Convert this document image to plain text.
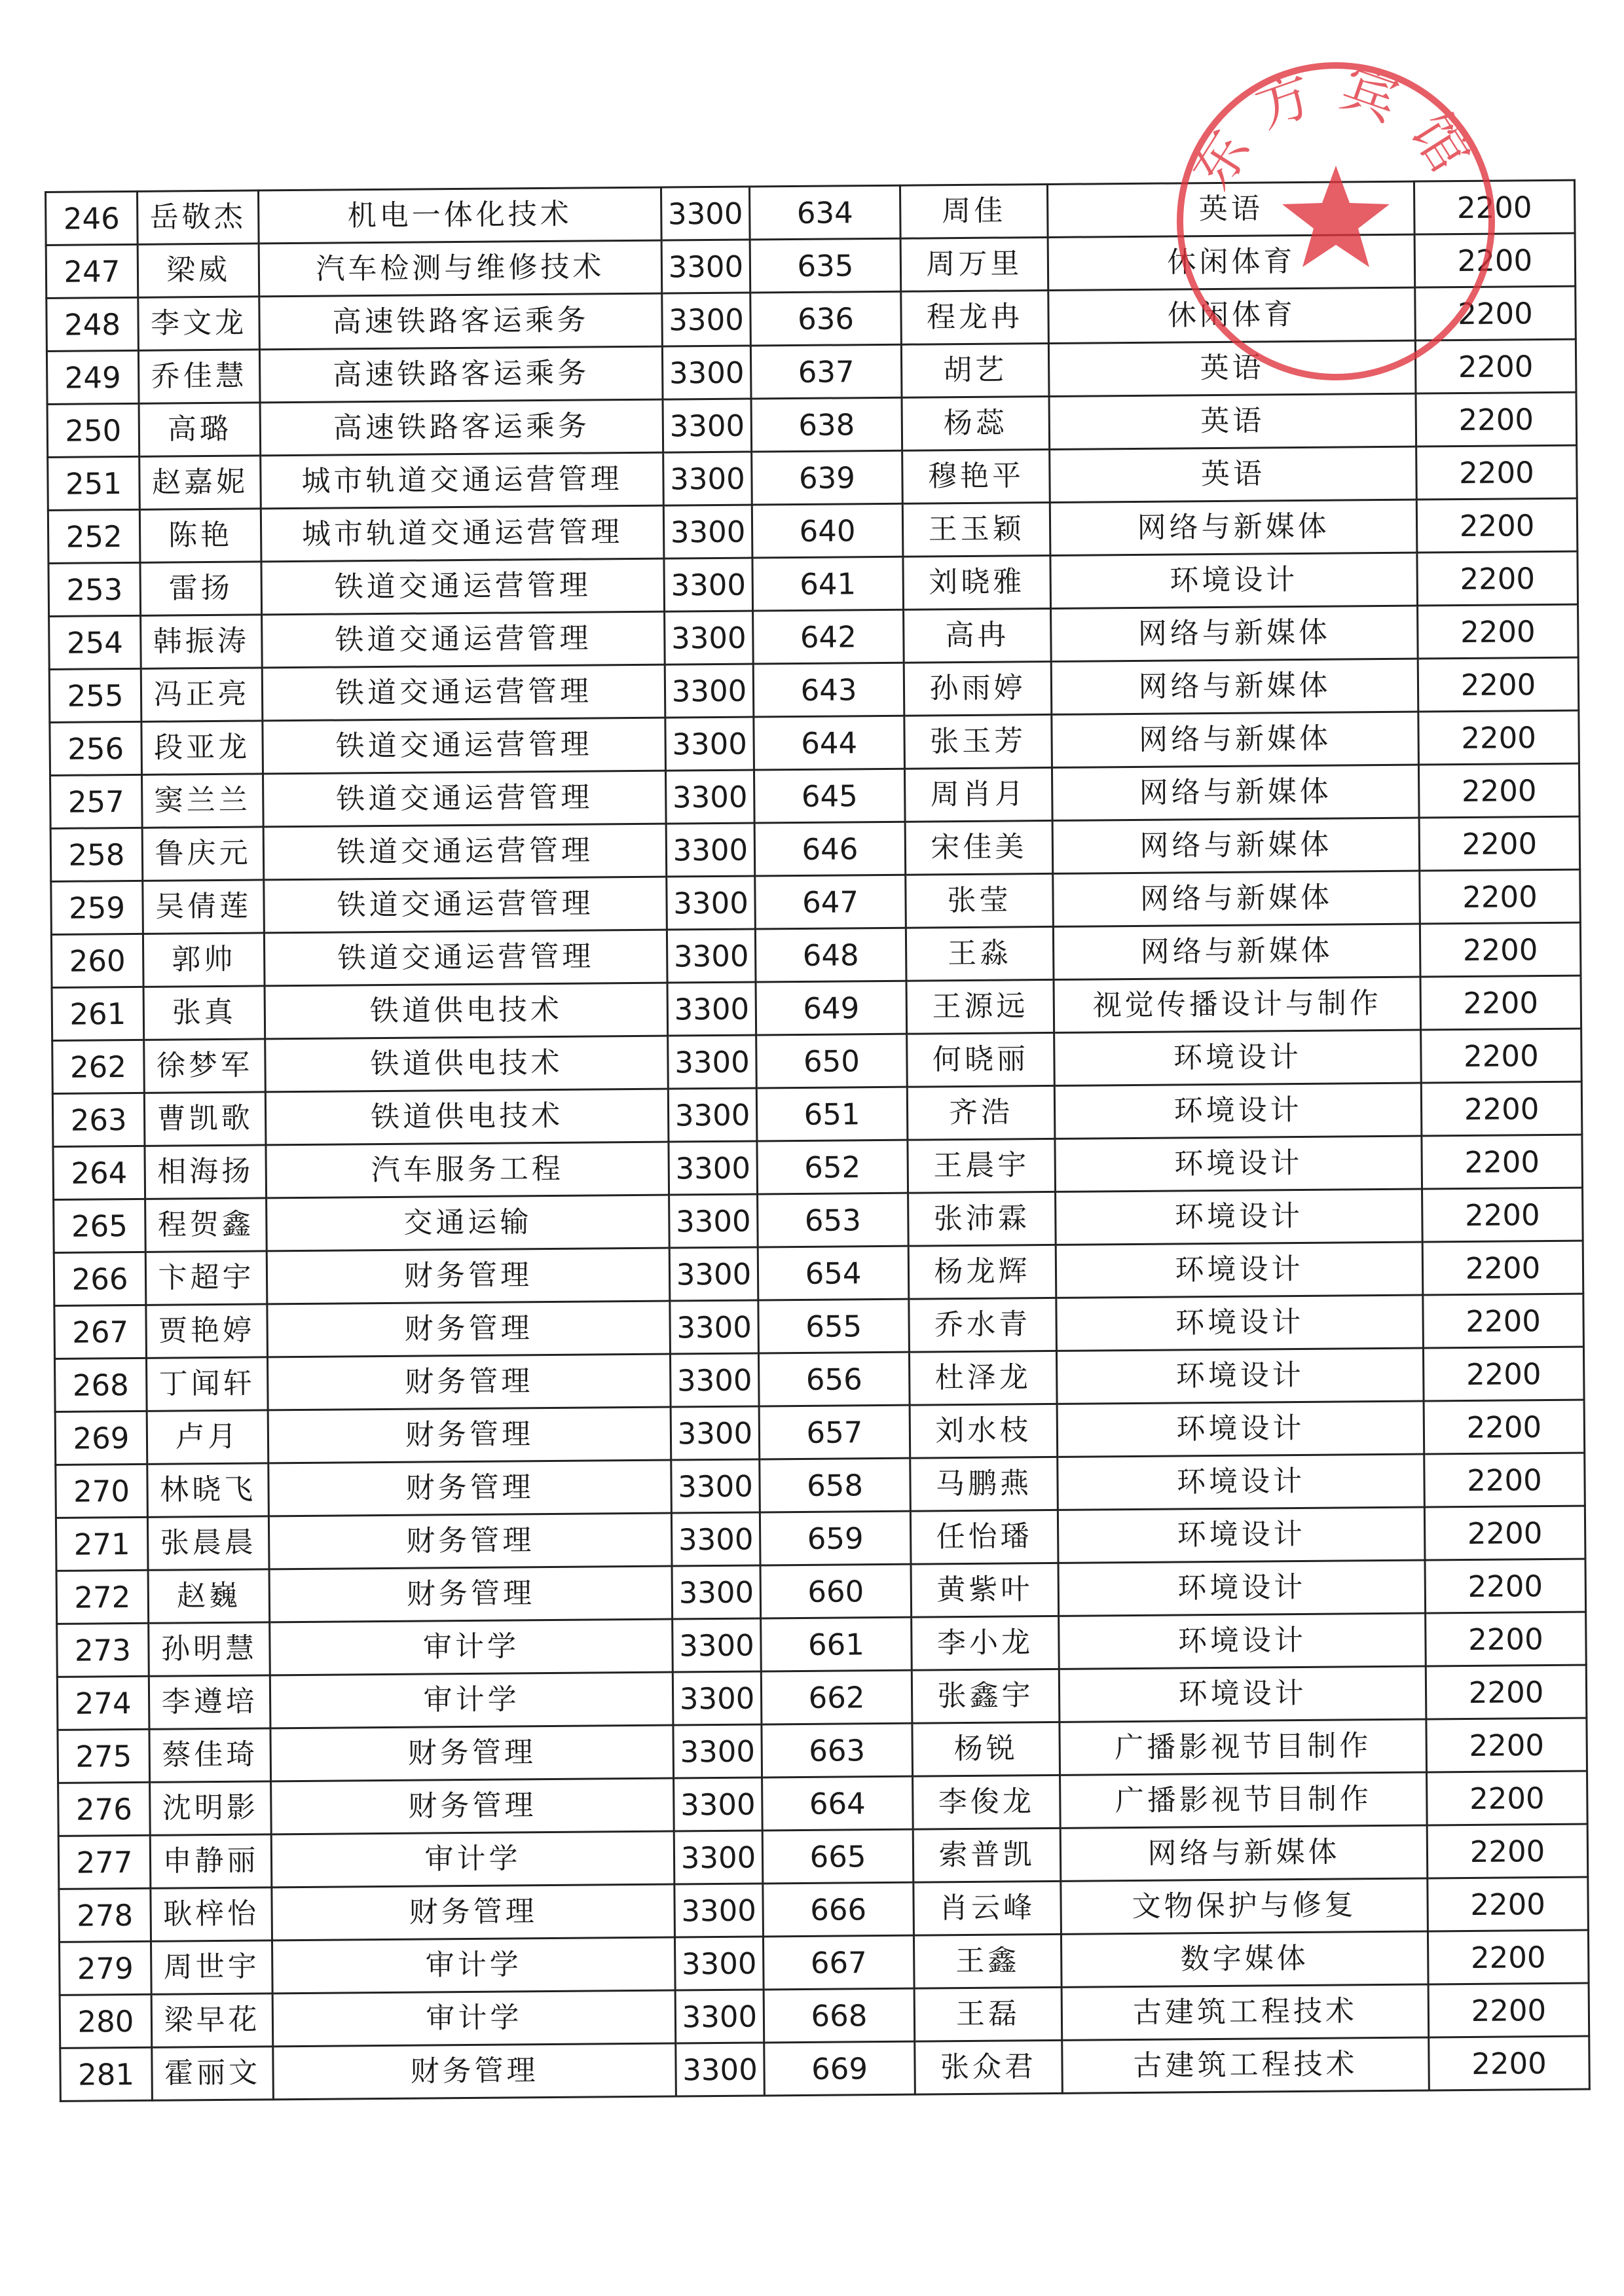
246	岳敬杰	机电一体化技术	3300	634	周佳	英语	2200
247	梁威	汽车检测与维修技术	3300	635	周万里	休闲体育	2200
248	李文龙	高速铁路客运乘务	3300	636	程龙冉	休闲体育	2200
249	乔佳慧	高速铁路客运乘务	3300	637	胡艺	英语	2200
250	高璐	高速铁路客运乘务	3300	638	杨蕊	英语	2200
251	赵嘉妮	城市轨道交通运营管理	3300	639	穆艳平	英语	2200
252	陈艳	城市轨道交通运营管理	3300	640	王玉颖	网络与新媒体	2200
253	雷扬	铁道交通运营管理	3300	641	刘晓雅	环境设计	2200
254	韩振涛	铁道交通运营管理	3300	642	高冉	网络与新媒体	2200
255	冯正亮	铁道交通运营管理	3300	643	孙雨婷	网络与新媒体	2200
256	段亚龙	铁道交通运营管理	3300	644	张玉芳	网络与新媒体	2200
257	窦兰兰	铁道交通运营管理	3300	645	周肖月	网络与新媒体	2200
258	鲁庆元	铁道交通运营管理	3300	646	宋佳美	网络与新媒体	2200
259	吴倩莲	铁道交通运营管理	3300	647	张莹	网络与新媒体	2200
260	郭帅	铁道交通运营管理	3300	648	王淼	网络与新媒体	2200
261	张真	铁道供电技术	3300	649	王源远	视觉传播设计与制作	2200
262	徐梦军	铁道供电技术	3300	650	何晓丽	环境设计	2200
263	曹凯歌	铁道供电技术	3300	651	齐浩	环境设计	2200
264	相海扬	汽车服务工程	3300	652	王晨宇	环境设计	2200
265	程贺鑫	交通运输	3300	653	张沛霖	环境设计	2200
266	卞超宇	财务管理	3300	654	杨龙辉	环境设计	2200
267	贾艳婷	财务管理	3300	655	乔水青	环境设计	2200
268	丁闻轩	财务管理	3300	656	杜泽龙	环境设计	2200
269	卢月	财务管理	3300	657	刘水枝	环境设计	2200
270	林晓飞	财务管理	3300	658	马鹏燕	环境设计	2200
271	张晨晨	财务管理	3300	659	任怡璠	环境设计	2200
272	赵巍	财务管理	3300	660	黄紫叶	环境设计	2200
273	孙明慧	审计学	3300	661	李小龙	环境设计	2200
274	李遵培	审计学	3300	662	张鑫宇	环境设计	2200
275	蔡佳琦	财务管理	3300	663	杨锐	广播影视节目制作	2200
276	沈明影	财务管理	3300	664	李俊龙	广播影视节目制作	2200
277	申静丽	审计学	3300	665	索普凯	网络与新媒体	2200
278	耿梓怡	财务管理	3300	666	肖云峰	文物保护与修复	2200
279	周世宇	审计学	3300	667	王鑫	数字媒体	2200
280	梁早花	审计学	3300	668	王磊	古建筑工程技术	2200
281	霍丽文	财务管理	3300	669	张众君	古建筑工程技术	2200
东方宾馆
